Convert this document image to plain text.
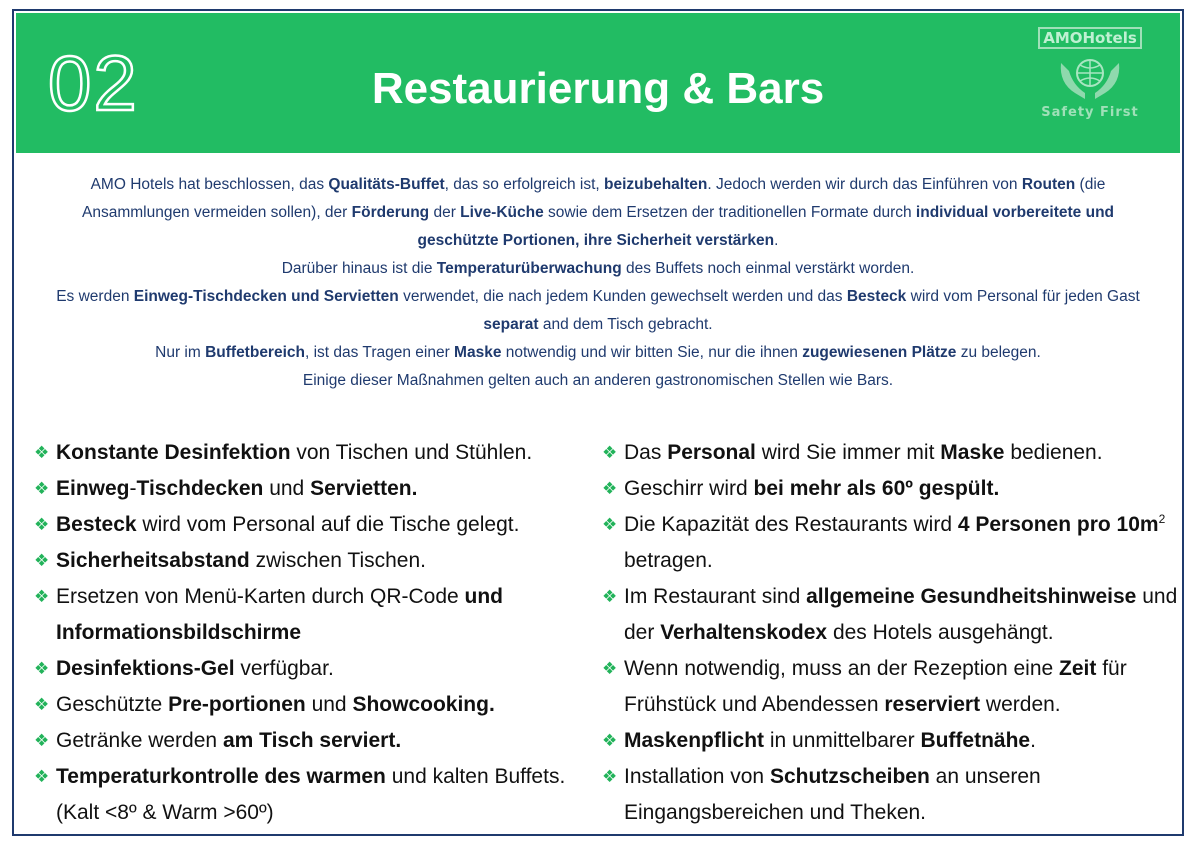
02	Restaurierung & Bars
AMOHotels
Safety First

AMO Hotels hat beschlossen, das Qualitäts-Buffet, das so erfolgreich ist, beizubehalten. Jedoch werden wir durch das Einführen von Routen (die Ansammlungen vermeiden sollen), der Förderung der Live-Küche sowie dem Ersetzen der traditionellen Formate durch individual vorbereitete und geschützte Portionen, ihre Sicherheit verstärken.

Darüber hinaus ist die Temperaturüberwachung des Buffets noch einmal verstärkt worden.

Es werden Einweg-Tischdecken und Servietten verwendet, die nach jedem Kunden gewechselt werden und das Besteck wird vom Personal für jeden Gast separat and dem Tisch gebracht.

Nur im Buffetbereich, ist das Tragen einer Maske notwendig und wir bitten Sie, nur die ihnen zugewiesenen Plätze zu belegen.

Einige dieser Maßnahmen gelten auch an anderen gastronomischen Stellen wie Bars.

❖ Konstante Desinfektion von Tischen und Stühlen.
❖ Einweg-Tischdecken und Servietten.
❖ Besteck wird vom Personal auf die Tische gelegt.
❖ Sicherheitsabstand zwischen Tischen.
❖ Ersetzen von Menü-Karten durch QR-Code und Informationsbildschirme
❖ Desinfektions-Gel verfügbar.
❖ Geschützte Pre-portionen und Showcooking.
❖ Getränke werden am Tisch serviert.
❖ Temperaturkontrolle des warmen und kalten Buffets. (Kalt <8º & Warm >60º)
❖ Das Personal wird Sie immer mit Maske bedienen.
❖ Geschirr wird bei mehr als 60º gespült.
❖ Die Kapazität des Restaurants wird 4 Personen pro $10m^2$ betragen.
❖ Im Restaurant sind allgemeine Gesundheitshinweise und der Verhaltenskodex des Hotels ausgehängt.
❖ Wenn notwendig, muss an der Rezeption eine Zeit für Frühstück und Abendessen reserviert werden.
❖ Maskenpflicht in unmittelbarer Buffetnähe.
❖ Installation von Schutzscheiben an unseren Eingangsbereichen und Theken.
